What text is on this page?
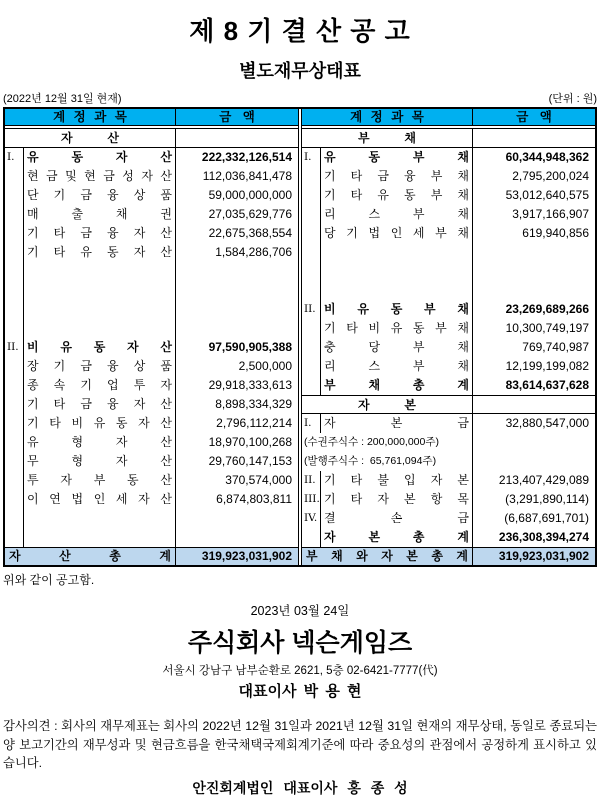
제 8 기 결 산 공 고
별도재무상태표
(2022년 12월 31일 현재)	(단위 : 원)
계 정 과 목	금 액
자 산
I.	유 동 자 산	222,332,126,514
현 금 및 현 금 성 자 산	112,036,841,478
단 기 금 융 상 품	59,000,000,000
매 출 채 권	27,035,629,776
기 타 금 융 자 산	22,675,368,554
기 타 유 동 자 산	1,584,286,706
II. 비 유 동 자 산	97,590,905,388
장 기 금 융 상 품	2,500,000
종 속 기 업 투 자	29,918,333,613
기 타 금 융 자 산	8,898,334,329
기 타 비 유 동 자 산	2,796,112,214
유 형 자 산	18,970,100,268
무 형 자 산	29,760,147,153
투 자 부 동 산	370,574,000
이 연 법 인 세 자 산	6,874,803,811
자 산 총 계	319,923,031,902
계 정 과 목	금 액
부 채
I.	유 동 부 채	60,344,948,362
기 타 금 융 부 채	2,795,200,024
기 타 유 동 부 채	53,012,640,575
리 스 부 채	3,917,166,907
당 기 법 인 세 부 채	619,940,856
II. 비 유 동 부 채	23,269,689,266
기 타 비 유 동 부 채	10,300,749,197
충 당 부 채	769,740,987
리 스 부 채	12,199,199,082
부 채 총 계	83,614,637,628
자 본
I.	자 본 금	32,880,547,000
(수권주식수 : 200,000,000주)
(발행주식수 :  65,761,094주)
II. 기 타 불 입 자 본	213,407,429,089
III. 기 타 자 본 항 목	(3,291,890,114)
IV. 결 손 금	(6,687,691,701)
자 본 총 계	236,308,394,274
부 채 와 자 본 총 계	319,923,031,902
위와 같이 공고함.
2023년 03월 24일
주식회사 넥슨게임즈
서울시 강남구 남부순환로 2621, 5층 02-6421-7777(代)
대표이사 박 용 현
감사의견 : 회사의 재무제표는 회사의 2022년 12월 31일과 2021년 12월 31일 현재의 재무상태, 동일로 종료되는 양 보고기간의 재무성과 및 현금흐름을 한국채택국제회계기준에 따라 중요성의 관점에서 공정하게 표시하고 있습니다.
안진회계법인 대표이사 홍 종 성
